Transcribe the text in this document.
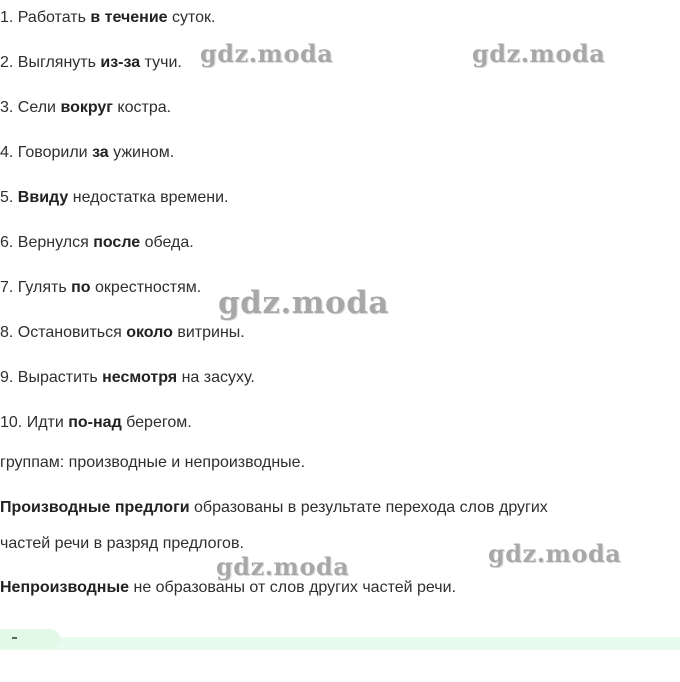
1. Работать в течение суток.
2. Выглянуть из-за тучи.
3. Сели вокруг костра.
4. Говорили за ужином.
5. Ввиду недостатка времени.
6. Вернулся после обеда.
7. Гулять по окрестностям.
8. Остановиться около витрины.
9. Вырастить несмотря на засуху.
10. Идти по-над берегом.
группам: производные и непроизводные.
Производные предлоги образованы в результате перехода слов других
частей речи в разряд предлогов.
Непроизводные не образованы от слов других частей речи.
gdz.moda	gdz.moda
gdz.moda
gdz.moda
gdz.moda
